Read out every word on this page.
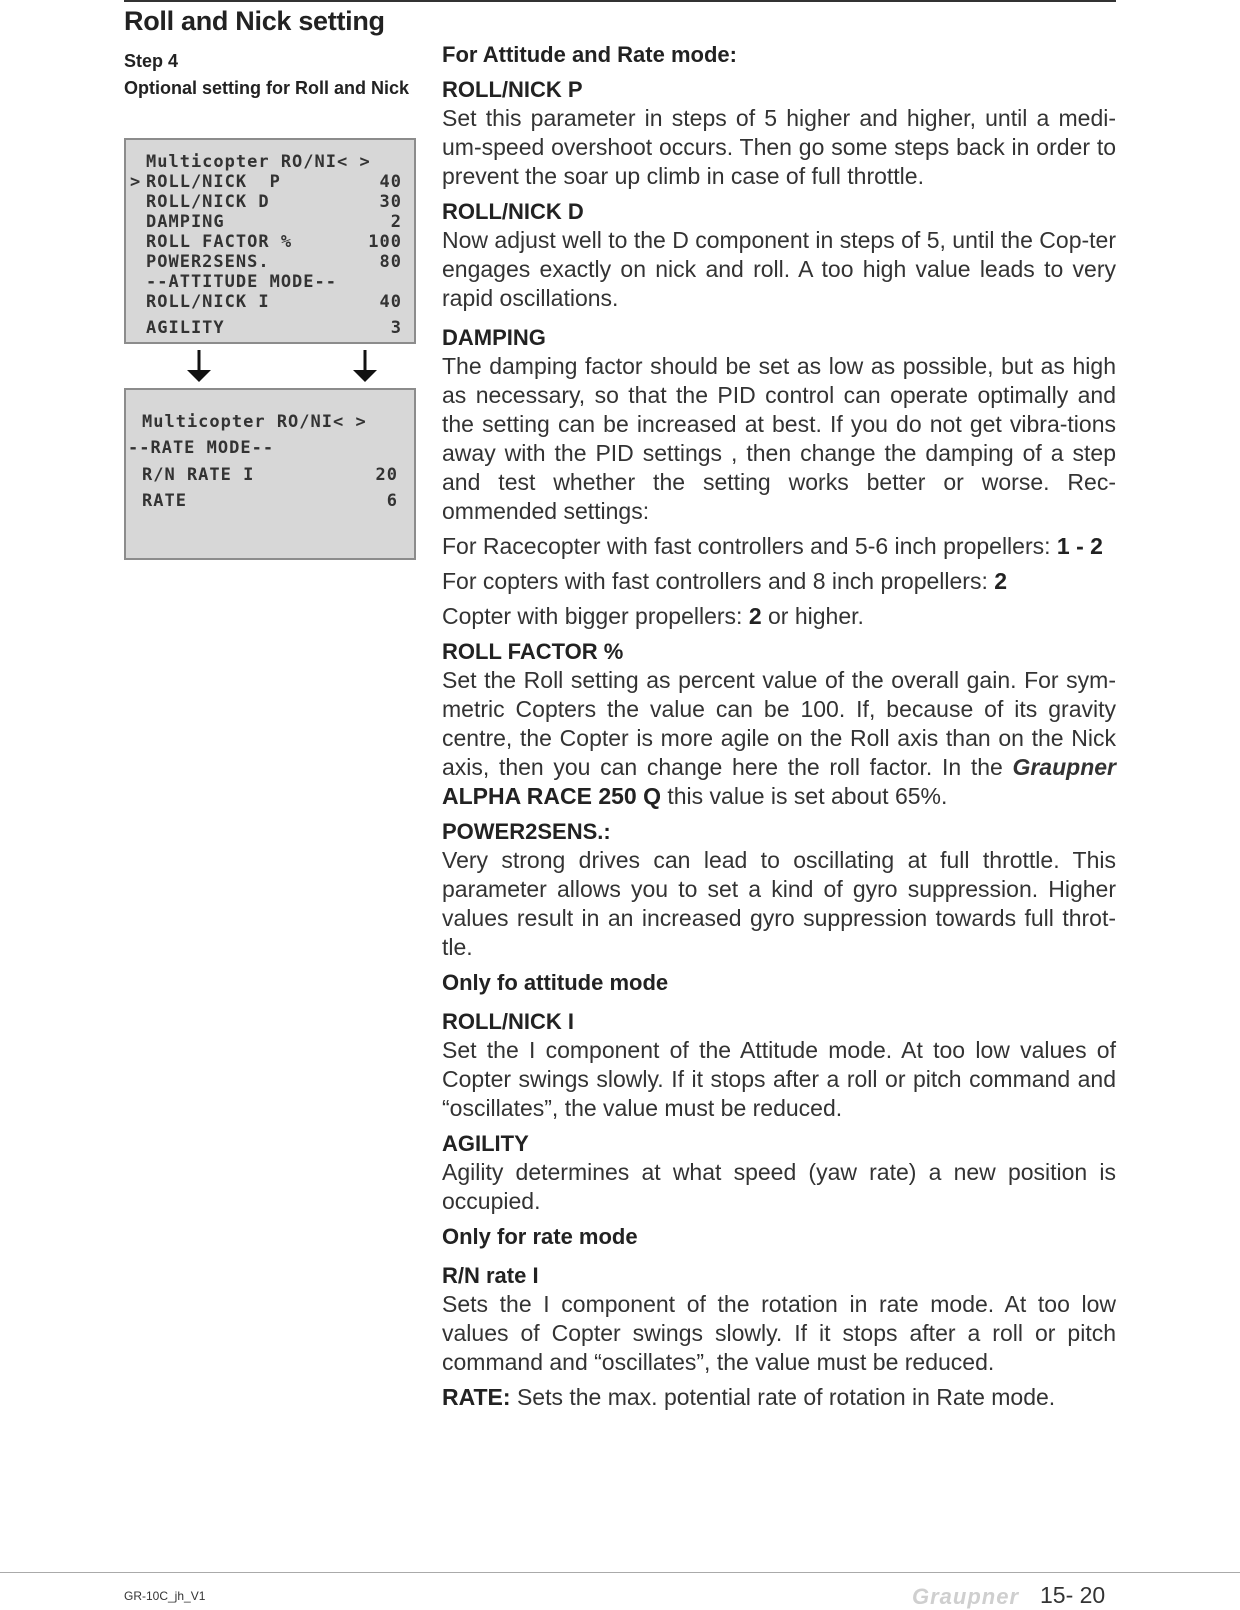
Roll and Nick setting
Step 4
Optional setting for Roll and Nick
Multicopter RO/NI< >
> ROLL/NICK  P	40
ROLL/NICK D	30
DAMPING	2
ROLL FACTOR %	100
POWER2SENS.	80
--ATTITUDE MODE--
ROLL/NICK I	40
AGILITY	3
Multicopter RO/NI< >
--RATE MODE--
R/N RATE I	20
RATE	6

For Attitude and Rate mode:

ROLL/NICK P

Set this parameter in steps of 5 higher and higher, until a medi-um-speed overshoot occurs. Then go some steps back in order to prevent the soar up climb in case of full throttle.

ROLL/NICK D

Now adjust well to the D component in steps of 5, until the Cop-ter engages exactly on nick and roll. A too high value leads to very rapid oscillations.

DAMPING

The damping factor should be set as low as possible, but as high as necessary, so that the PID control can operate optimally and the setting can be increased at best. If you do not get vibra-tions away with the PID settings , then change the damping of a step and test whether the setting works better or worse. Rec-ommended settings:

For Racecopter with fast controllers and 5-6 inch propellers: 1 - 2

For copters with fast controllers and 8 inch propellers: 2

Copter with bigger propellers: 2 or higher.

ROLL FACTOR %

Set the Roll setting as percent value of the overall gain. For sym-metric Copters the value can be 100. If, because of its gravity centre, the Copter is more agile on the Roll axis than on the Nick axis, then you can change here the roll factor. In the Graupner ALPHA RACE 250 Q this value is set about 65%.

POWER2SENS.:

Very strong drives can lead to oscillating at full throttle. This parameter allows you to set a kind of gyro suppression. Higher values result in an increased gyro suppression towards full throt-tle.

Only fo attitude mode

ROLL/NICK I

Set the I component of the Attitude mode. At too low values of Copter swings slowly. If it stops after a roll or pitch command and “oscillates”, the value must be reduced.

AGILITY

Agility determines at what speed (yaw rate) a new position is occupied.

Only for rate mode

R/N rate I

Sets the I component of the rotation in rate mode. At too low values of Copter swings slowly. If it stops after a roll or pitch command and “oscillates”, the value must be reduced.

RATE: Sets the max. potential rate of rotation in Rate mode.

GR-10C_jh_V1	Graupner 15- 20
